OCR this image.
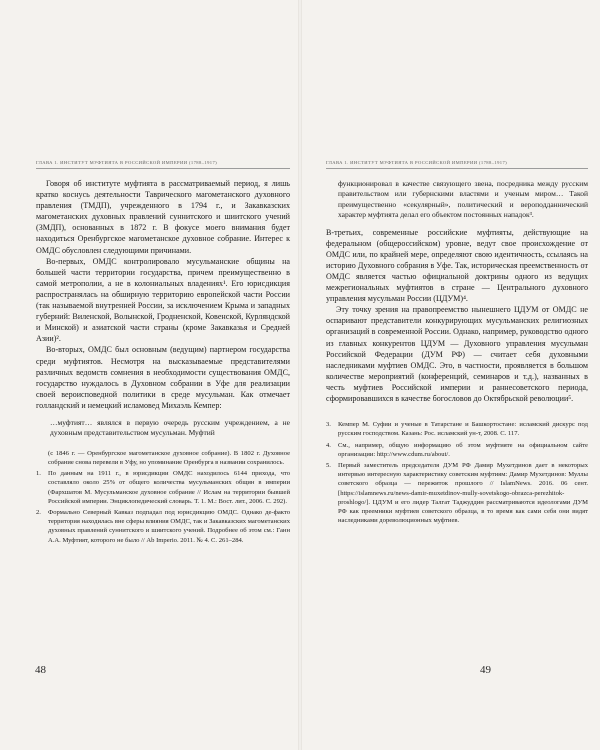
ГЛАВА 1. ИНСТИТУТ МУФТИЯТА В РОССИЙСКОЙ ИМПЕРИИ (1788–1917)

Говоря об институте муфтията в рассматриваемый период, я лишь кратко коснусь деятельности Таврического магометанского духовного правления (ТМДП), учрежденного в 1794 г., и Закавказских магометанских духовных правлений суннитского и шиитского учений (ЗМДП), основанных в 1872 г. В фокусе моего внимания будет находиться Оренбургское магометанское духовное собрание. Интерес к ОМДС обусловлен следующими причинами.

Во-первых, ОМДС контролировало мусульманские общины на большей части территории государства, причем преимущественно в самой метрополии, а не в колониальных владениях¹. Его юрисдикция распространялась на обширную территорию европейской части России (так называемой внутренней России, за исключением Крыма и западных губерний: Виленской, Волынской, Гродненской, Ковенской, Курляндской и Минской) и азиатской части страны (кроме Закавказья и Средней Азии)².

Во-вторых, ОМДС был основным (ведущим) партнером государства среди муфтиятов. Несмотря на высказываемые представителями различных ведомств сомнения в необходимости существования ОМДС, государство нуждалось в Духовном собрании в Уфе для реализации своей вероисповедной политики в среде мусульман. Как отмечает голландский и немецкий исламовед Михаэль Кемпер:

…муфтият… являлся в первую очередь русским учреждением, а не духовным представительством мусульман. Муфтий

(с 1846 г. — Оренбургское магометанское духовное собрание). В 1802 г. Духовное собрание снова перевели в Уфу, но упоминание Оренбурга в названии сохранилось.
1. По данным на 1911 г., в юрисдикции ОМДС находилось 6144 прихода, что составляло около 25% от общего количества мусульманских общин в империи (Фархшатов М. Мусульманское духовное собрание // Ислам на территории бывшей Российской империи. Энциклопедический словарь. Т. 1. М.: Вост. лит., 2006. С. 292).
2. Формально Северный Кавказ подпадал под юрисдикцию ОМДС. Однако де-факто территория находилась вне сферы влияния ОМДС, так и Закавказских магометанских духовных правлений суннитского и шиитского учений. Подробнее об этом см.: Ганн А.А. Муфтият, которого не было // Ab Imperio. 2011. № 4. С. 261–284.
48
ГЛАВА 1. ИНСТИТУТ МУФТИЯТА В РОССИЙСКОЙ ИМПЕРИИ (1788–1917)

функционировал в качестве связующего звена, посредника между русским правительством или губернскими властями и ученым миром… Такой преимущественно «секулярный», политический и вероподданнический характер муфтията делал его объектом постоянных нападок³.

В-третьих, современные российские муфтияты, действующие на федеральном (общероссийском) уровне, ведут свое происхождение от ОМДС или, по крайней мере, определяют свою идентичность, ссылаясь на историю Духовного собрания в Уфе. Так, историческая преемственность от ОМДС является частью официальной доктрины одного из ведущих межрегиональных муфтиятов в стране — Центрального духовного управления мусульман России (ЦДУМ)⁴.

Эту точку зрения на правопреемство нынешнего ЦДУМ от ОМДС не оспаривают представители конкурирующих мусульманских религиозных организаций в современной России. Однако, например, руководство одного из главных конкурентов ЦДУМ — Духовного управления мусульман Российской Федерации (ДУМ РФ) — считает себя духовными наследниками муфтиев ОМДС. Это, в частности, проявляется в большом количестве мероприятий (конференций, семинаров и т.д.), названных в честь муфтиев Российской империи и раннесоветского периода, сформировавшихся в качестве богословов до Октябрьской революции⁵.

3. Кемпер М. Суфии и ученые в Татарстане и Башкортостане: исламский дискурс под русским господством. Казань: Рос. исламский ун-т, 2008. С. 117.
4. См., например, общую информацию об этом муфтияте на официальном сайте организации: http://www.cdum.ru/about/.
5. Первый заместитель председателя ДУМ РФ Дамир Мухетдинов дает в некоторых интервью интересную характеристику советским муфтиям: Дамир Мухетдинов: Муллы советского образца — пережиток прошлого // IslamNews. 2016. 06 сент. [https://islamnews.ru/news-damir-muxetdinov-mully-sovetskogo-obrazca-perezhitok-proshlogo/]. ЦДУМ и его лидер Талгат Таджуддин рассматриваются идеологами ДУМ РФ как преемники муфтиев советского образца, в то время как сами себя они видят наследниками дореволюционных муфтиев.
49
